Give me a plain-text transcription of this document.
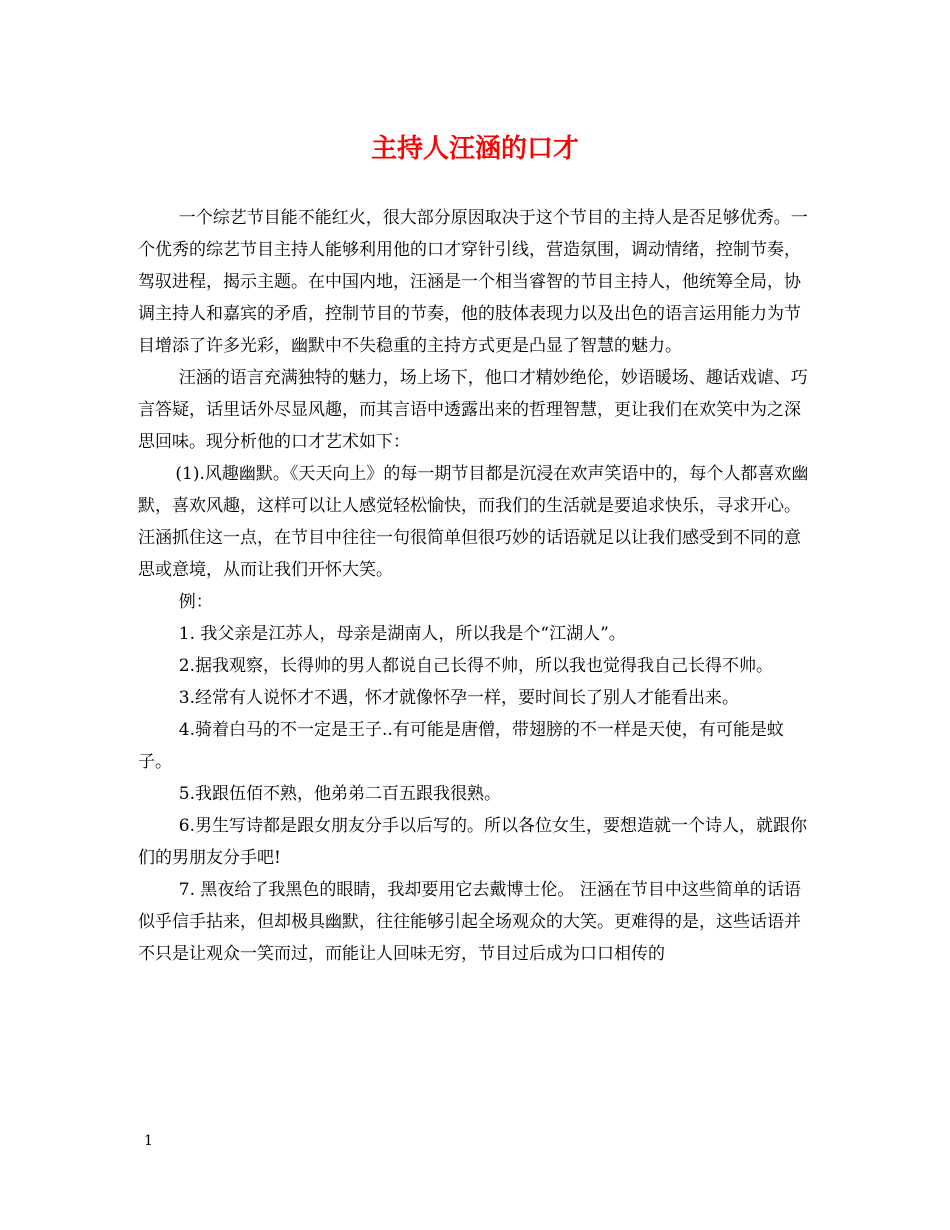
主持人汪涵的口才

一个综艺节目能不能红火，很大部分原因取决于这个节目的主持人是否足够优秀。一个优秀的综艺节目主持人能够利用他的口才穿针引线，营造氛围，调动情绪，控制节奏，驾驭进程，揭示主题。在中国内地，汪涵是一个相当睿智的节目主持人，他统筹全局，协调主持人和嘉宾的矛盾，控制节目的节奏，他的肢体表现力以及出色的语言运用能力为节目增添了许多光彩，幽默中不失稳重的主持方式更是凸显了智慧的魅力。

汪涵的语言充满独特的魅力，场上场下，他口才精妙绝伦，妙语暖场、趣话戏谑、巧言答疑，话里话外尽显风趣，而其言语中透露出来的哲理智慧，更让我们在欢笑中为之深思回味。现分析他的口才艺术如下：

(1).风趣幽默。《天天向上》的每一期节目都是沉浸在欢声笑语中的，每个人都喜欢幽默，喜欢风趣，这样可以让人感觉轻松愉快，而我们的生活就是要追求快乐，寻求开心。汪涵抓住这一点，在节目中往往一句很简单但很巧妙的话语就足以让我们感受到不同的意思或意境，从而让我们开怀大笑。

例：

1. 我父亲是江苏人，母亲是湖南人，所以我是个“江湖人”。

2.据我观察，长得帅的男人都说自己长得不帅，所以我也觉得我自己长得不帅。

3.经常有人说怀才不遇，怀才就像怀孕一样，要时间长了别人才能看出来。

4.骑着白马的不一定是王子..有可能是唐僧，带翅膀的不一样是天使，有可能是蚊子。

5.我跟伍佰不熟，他弟弟二百五跟我很熟。

6.男生写诗都是跟女朋友分手以后写的。所以各位女生，要想造就一个诗人，就跟你们的男朋友分手吧!

7. 黑夜给了我黑色的眼睛，我却要用它去戴博士伦。 汪涵在节目中这些简单的话语似乎信手拈来，但却极具幽默，往往能够引起全场观众的大笑。更难得的是，这些话语并不只是让观众一笑而过，而能让人回味无穷，节目过后成为口口相传的

1
